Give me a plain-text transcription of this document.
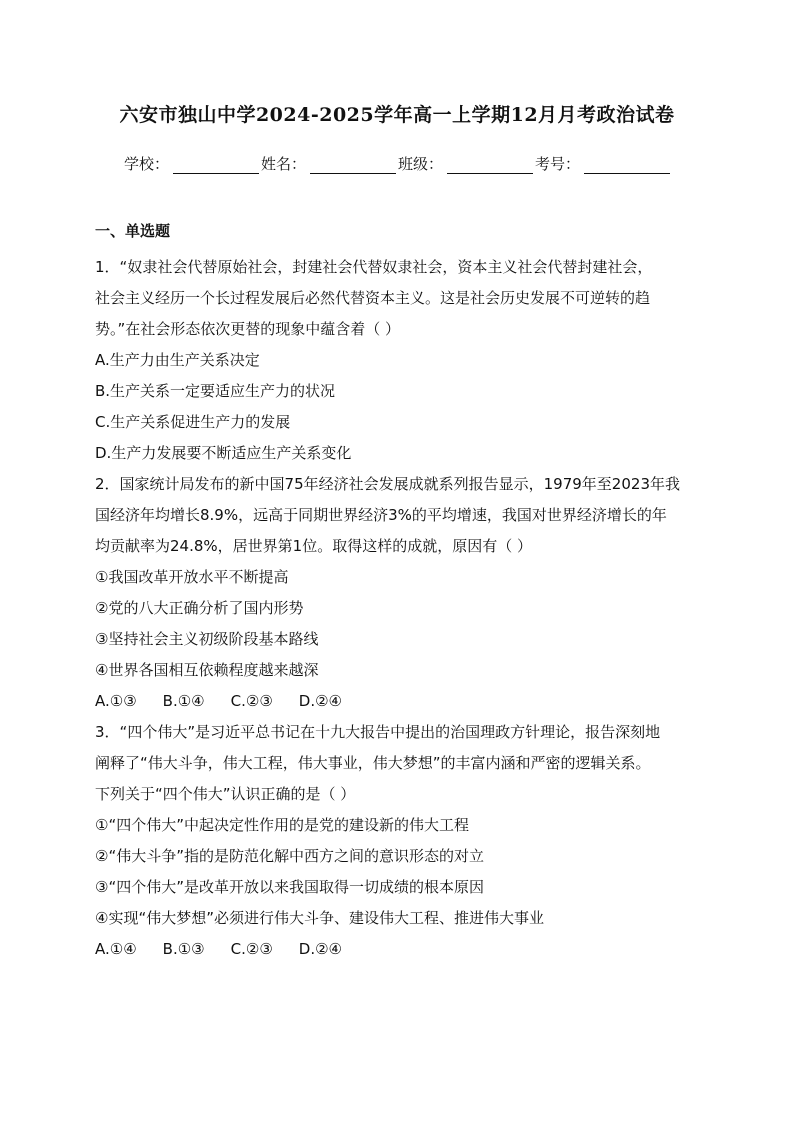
六安市独山中学2024-2025学年高一上学期12月月考政治试卷
学校：	姓名：	班级：	考号：
一、单选题
1．“奴隶社会代替原始社会，封建社会代替奴隶社会，资本主义社会代替封建社会，
社会主义经历一个长过程发展后必然代替资本主义。这是社会历史发展不可逆转的趋
势。”在社会形态依次更替的现象中蕴含着（ ）
A.生产力由生产关系决定
B.生产关系一定要适应生产力的状况
C.生产关系促进生产力的发展
D.生产力发展要不断适应生产关系变化
2．国家统计局发布的新中国75年经济社会发展成就系列报告显示，1979年至2023年我
国经济年均增长8.9%，远高于同期世界经济3%的平均增速，我国对世界经济增长的年
均贡献率为24.8%，居世界第1位。取得这样的成就，原因有（ ）
①我国改革开放水平不断提高
②党的八大正确分析了国内形势
③坚持社会主义初级阶段基本路线
④世界各国相互依赖程度越来越深
A.①③ B.①④ C.②③ D.②④
3．“四个伟大”是习近平总书记在十九大报告中提出的治国理政方针理论，报告深刻地
阐释了“伟大斗争，伟大工程，伟大事业，伟大梦想”的丰富内涵和严密的逻辑关系。
下列关于“四个伟大”认识正确的是（ ）
①“四个伟大”中起决定性作用的是党的建设新的伟大工程
②“伟大斗争”指的是防范化解中西方之间的意识形态的对立
③“四个伟大”是改革开放以来我国取得一切成绩的根本原因
④实现“伟大梦想”必须进行伟大斗争、建设伟大工程、推进伟大事业
A.①④ B.①③ C.②③ D.②④
